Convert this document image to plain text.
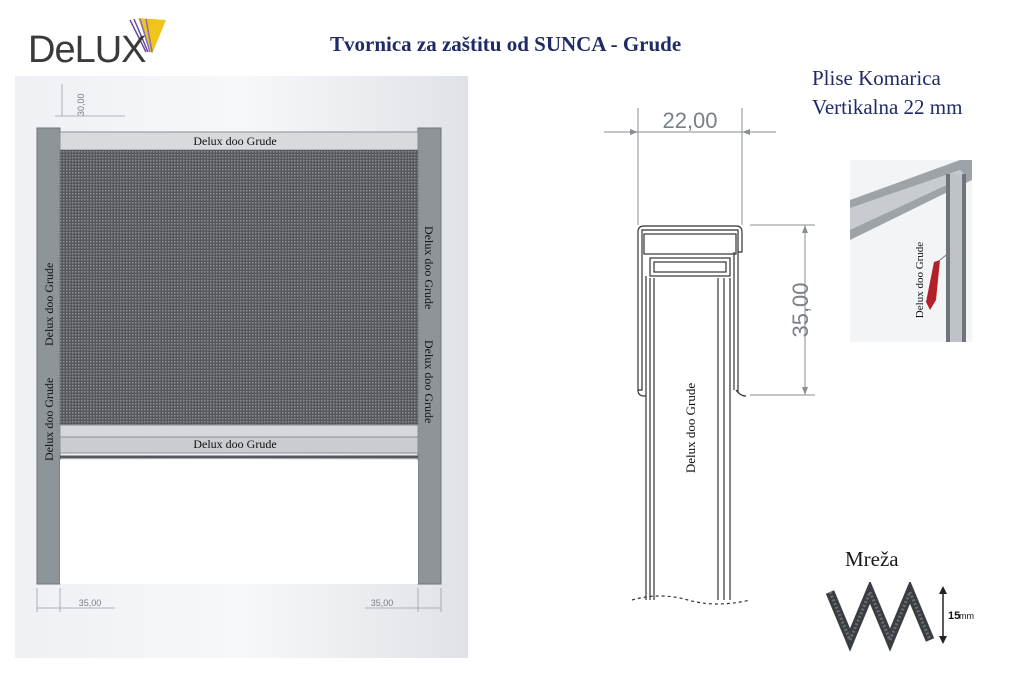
DeLUX	Tvornica za zaštitu od SUNCA - Grude
Plise Komarica
Vertikalna 22 mm
30,00
Delux doo Grude
Delux doo Grude
Delux doo Grude
Delux doo Grude	Delux doo Grude
Delux doo Grude
35,00	35,00
22,00
35,00
Delux doo Grude
Delux doo Grude
Mreža
15
mm
